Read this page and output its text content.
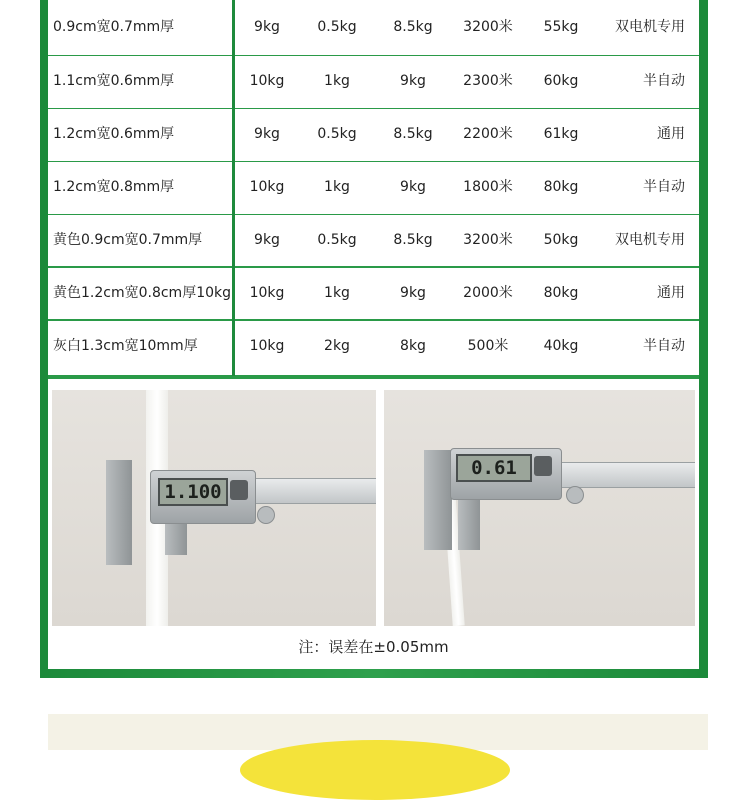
0.9cm宽0.7mm厚	9kg	0.5kg	8.5kg	3200米	55kg	双电机专用
1.1cm宽0.6mm厚	10kg	1kg	9kg	2300米	60kg	半自动
1.2cm宽0.6mm厚	9kg	0.5kg	8.5kg	2200米	61kg	通用
1.2cm宽0.8mm厚	10kg	1kg	9kg	1800米	80kg	半自动
黄色0.9cm宽0.7mm厚	9kg	0.5kg	8.5kg	3200米	50kg	双电机专用
黄色1.2cm宽0.8cm厚10kg	10kg	1kg	9kg	2000米	80kg	通用
灰白1.3cm宽10mm厚	10kg	2kg	8kg	500米	40kg	半自动
1.100
0.61
注：误差在±0.05mm
